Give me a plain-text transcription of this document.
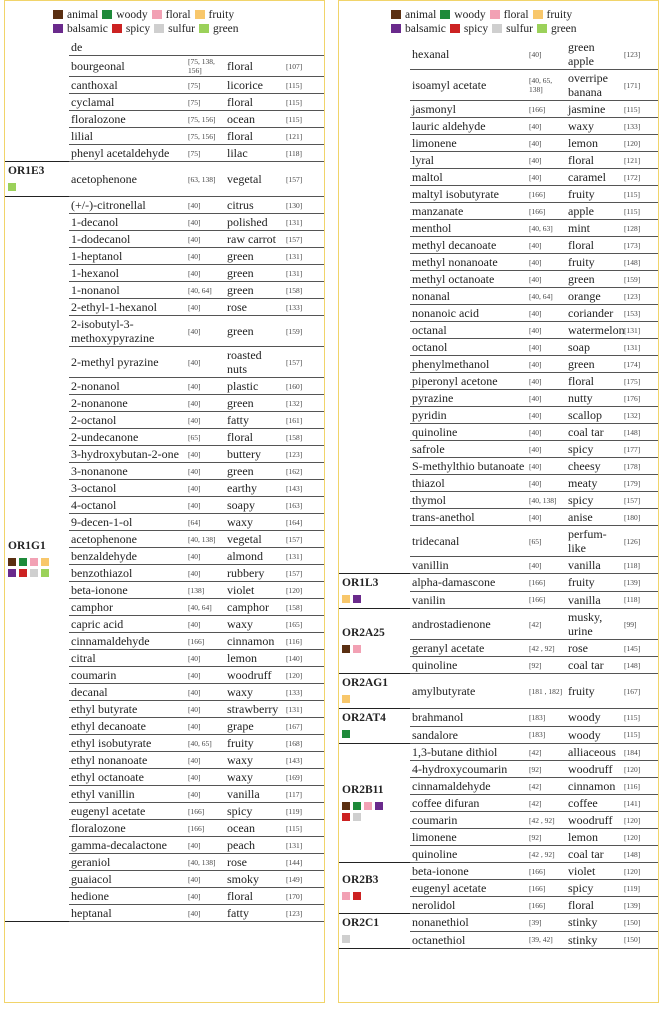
animal woody floral fruity
balsamic spicy sulfur green
	de			
	bourgeonal	[75, 138, 156]	floral	[107]
	canthoxal	[75]	licorice	[115]
	cyclamal	[75]	floral	[115]
	floralozone	[75, 156]	ocean	[115]
	lilial	[75, 156]	floral	[121]
	phenyl acetaldehyde	[75]	lilac	[118]

OR1E3	acetophenone	[63, 138]	vegetal	[157]

OR1G1	(+/-)-citronellal	[40]	citrus	[130]
	1-decanol	[40]	polished	[131]
	1-dodecanol	[40]	raw carrot	[157]
	1-heptanol	[40]	green	[131]
	1-hexanol	[40]	green	[131]
	1-nonanol	[40, 64]	green	[158]
	2-ethyl-1-hexanol	[40]	rose	[133]
	2-isobutyl-3-methoxypyrazine	[40]	green	[159]
	2-methyl pyrazine	[40]	roasted nuts	[157]
	2-nonanol	[40]	plastic	[160]
	2-nonanone	[40]	green	[132]
	2-octanol	[40]	fatty	[161]
	2-undecanone	[65]	floral	[158]
	3-hydroxybutan-2-one	[40]	buttery	[123]
	3-nonanone	[40]	green	[162]
	3-octanol	[40]	earthy	[143]
	4-octanol	[40]	soapy	[163]
	9-decen-1-ol	[64]	waxy	[164]
	acetophenone	[40, 138]	vegetal	[157]
	benzaldehyde	[40]	almond	[131]
	benzothiazol	[40]	rubbery	[157]
	beta-ionone	[138]	violet	[120]
	camphor	[40, 64]	camphor	[158]
	capric acid	[40]	waxy	[165]
	cinnamaldehyde	[166]	cinnamon	[116]
	citral	[40]	lemon	[140]
	coumarin	[40]	woodruff	[120]
	decanal	[40]	waxy	[133]
	ethyl butyrate	[40]	strawberry	[131]
	ethyl decanoate	[40]	grape	[167]
	ethyl isobutyrate	[40, 65]	fruity	[168]
	ethyl nonanoate	[40]	waxy	[143]
	ethyl octanoate	[40]	waxy	[169]
	ethyl vanillin	[40]	vanilla	[117]
	eugenyl acetate	[166]	spicy	[119]
	floralozone	[166]	ocean	[115]
	gamma-decalactone	[40]	peach	[131]
	geraniol	[40, 138]	rose	[144]
	guaiacol	[40]	smoky	[149]
	hedione	[40]	floral	[170]
	heptanal	[40]	fatty	[123]
animal woody floral fruity
balsamic spicy sulfur green
	hexanal	[40]	green apple	[123]
	isoamyl acetate	[40, 65, 138]	overripe banana	[171]
	jasmonyl	[166]	jasmine	[115]
	lauric aldehyde	[40]	waxy	[133]
	limonene	[40]	lemon	[120]
	lyral	[40]	floral	[121]
	maltol	[40]	caramel	[172]
	maltyl isobutyrate	[166]	fruity	[115]
	manzanate	[166]	apple	[115]
	menthol	[40, 63]	mint	[128]
	methyl decanoate	[40]	floral	[173]
	methyl nonanoate	[40]	fruity	[148]
	methyl octanoate	[40]	green	[159]
	nonanal	[40, 64]	orange	[123]
	nonanoic acid	[40]	coriander	[153]
	octanal	[40]	watermelon	[131]
	octanol	[40]	soap	[131]
	phenylmethanol	[40]	green	[174]
	piperonyl acetone	[40]	floral	[175]
	pyrazine	[40]	nutty	[176]
	pyridin	[40]	scallop	[132]
	quinoline	[40]	coal tar	[148]
	safrole	[40]	spicy	[177]
	S-methylthio butanoate	[40]	cheesy	[178]
	thiazol	[40]	meaty	[179]
	thymol	[40, 138]	spicy	[157]
	trans-anethol	[40]	anise	[180]
	tridecanal	[65]	perfum-like	[126]
	vanillin	[40]	vanilla	[118]

OR1L3	alpha-damascone	[166]	fruity	[139]
	vanilin	[166]	vanilla	[118]

OR2A25	androstadienone	[42]	musky, urine	[99]
	geranyl acetate	[42 , 92]	rose	[145]
	quinoline	[92]	coal tar	[148]

OR2AG1	amylbutyrate	[181 , 182]	fruity	[167]

OR2AT4	brahmanol	[183]	woody	[115]
	sandalore	[183]	woody	[115]

OR2B11	1,3-butane dithiol	[42]	alliaceous	[184]
	4-hydroxycoumarin	[92]	woodruff	[120]
	cinnamaldehyde	[42]	cinnamon	[116]
	coffee difuran	[42]	coffee	[141]
	coumarin	[42 , 92]	woodruff	[120]
	limonene	[92]	lemon	[120]
	quinoline	[42 , 92]	coal tar	[148]

OR2B3	beta-ionone	[166]	violet	[120]
	eugenyl acetate	[166]	spicy	[119]
	nerolidol	[166]	floral	[139]

OR2C1	nonanethiol	[39]	stinky	[150]
	octanethiol	[39, 42]	stinky	[150]
